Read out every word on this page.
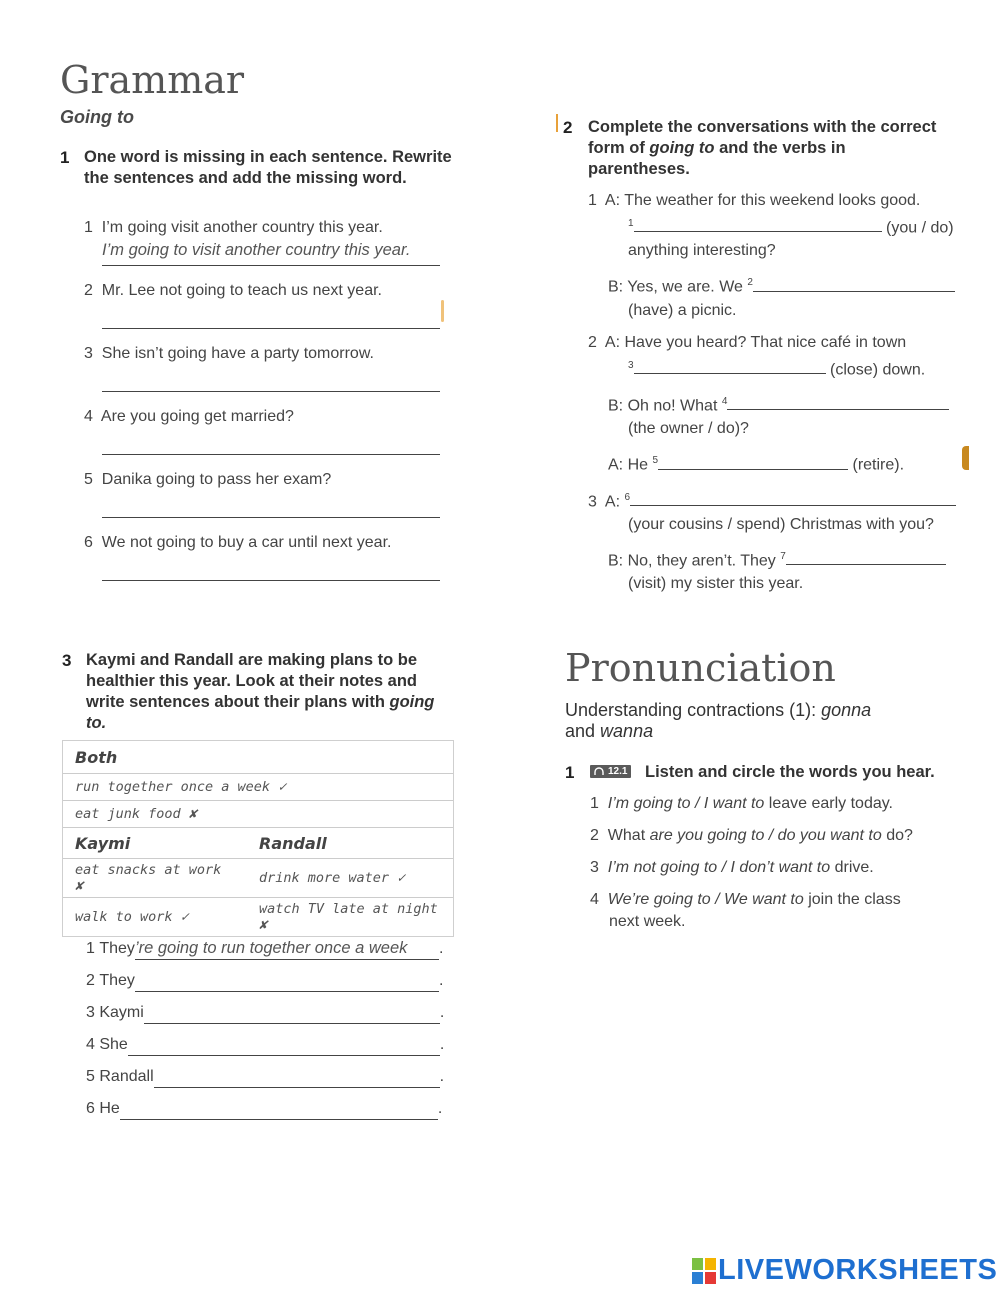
Grammar
Going to
1 One word is missing in each sentence. Rewrite the sentences and add the missing word.
1 I’m going visit another country this year.
I’m going to visit another country this year.
2 Mr. Lee not going to teach us next year.
3 She isn’t going have a party tomorrow.
4 Are you going get married?
5 Danika going to pass her exam?
6 We not going to buy a car until next year.
2 Complete the conversations with the correct form of going to and the verbs in parentheses.
1 A: The weather for this weekend looks good.
$^1$	(you / do)
anything interesting?
B: Yes, we are. We $^2$
(have) a picnic.
2 A: Have you heard? That nice café in town
$^3$	(close) down.
B: Oh no! What $^4$
(the owner / do)?
A: He $^5$	(retire).
3 A: $^6$
(your cousins / spend) Christmas with you?
B: No, they aren’t. They $^7$
(visit) my sister this year.
3 Kaymi and Randall are making plans to be healthier this year. Look at their notes and write sentences about their plans with going to.
Both	
run together once a week ✓	
eat junk food ✘	
Kaymi	Randall
eat snacks at work ✘	drink more water ✓
walk to work ✓	watch TV late at night ✘
1
They ’re going to run together once a week	.
2
They	.
3
Kaymi	.
4
She	.
5
Randall	.
6
He	.
Pronunciation
Understanding contractions (1): gonna
and wanna
1	12.1 Listen and circle the words you hear.
1 I’m going to / I want to leave early today.
2 What are you going to / do you want to do?
3 I’m not going to / I don’t want to drive.
4 We’re going to / We want to join the class
next week.
LIVEWORKSHEETS
